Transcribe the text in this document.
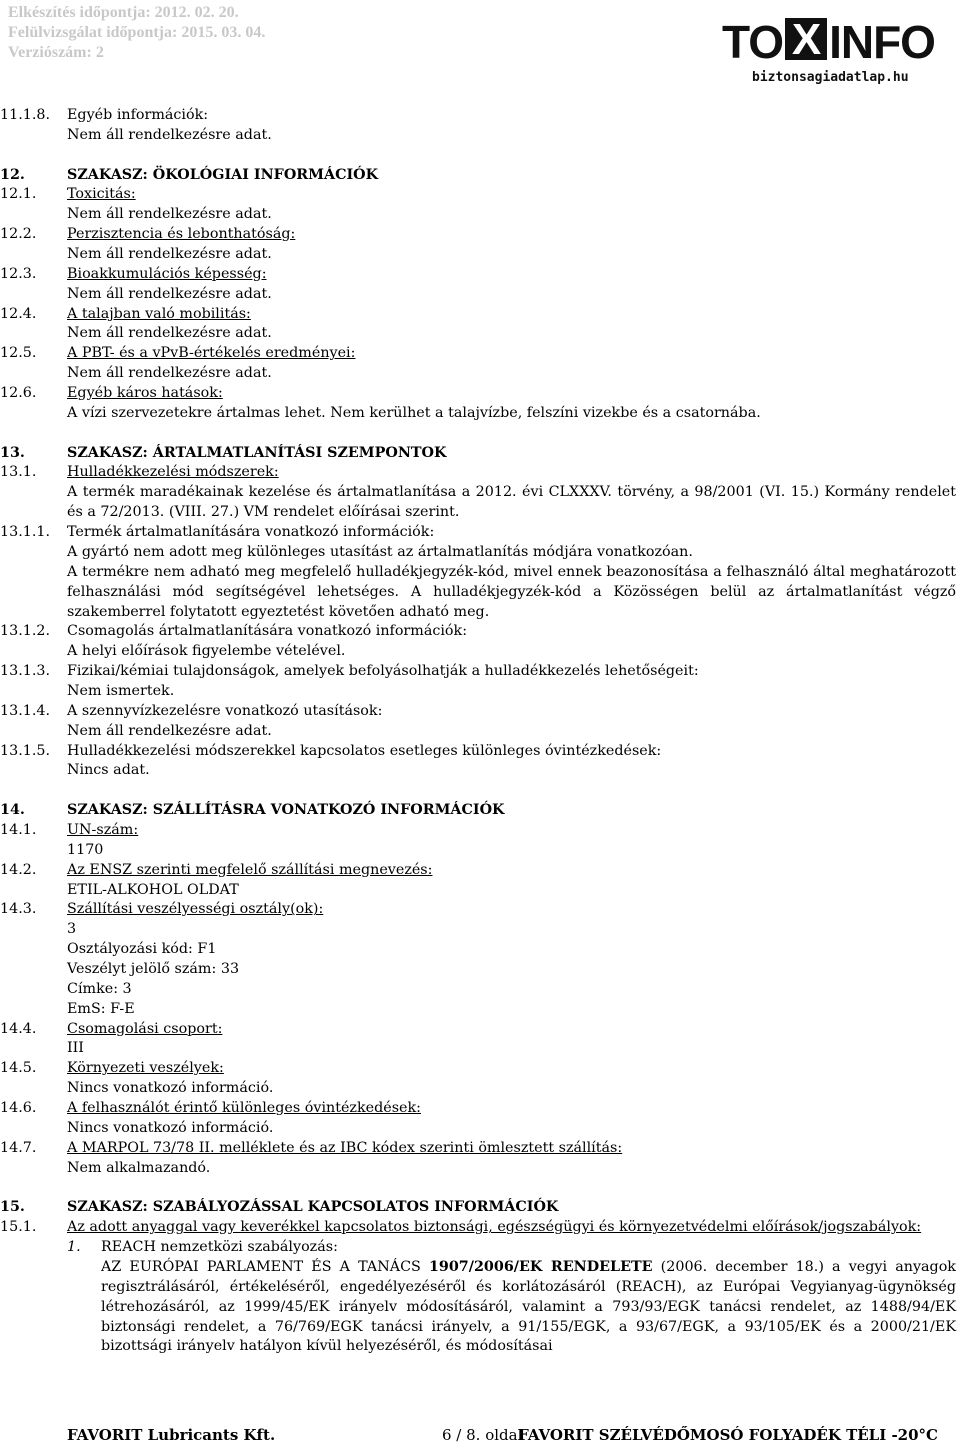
Elkészítés időpontja: 2012. 02. 20.
Felülvizsgálat időpontja: 2015. 03. 04.
Verziószám: 2	TO X INFO
biztonsagiadatlap.hu
11.1.8. Egyéb információk:
Nem áll rendelkezésre adat.
12.	SZAKASZ: ÖKOLÓGIAI INFORMÁCIÓK
12.1. Toxicitás:
Nem áll rendelkezésre adat.
12.2. Perzisztencia és lebonthatóság:
Nem áll rendelkezésre adat.
12.3. Bioakkumulációs képesség:
Nem áll rendelkezésre adat.
12.4. A talajban való mobilitás:
Nem áll rendelkezésre adat.
12.5. A PBT- és a vPvB-értékelés eredményei:
Nem áll rendelkezésre adat.
12.6. Egyéb káros hatások:
A vízi szervezetekre ártalmas lehet. Nem kerülhet a talajvízbe, felszíni vizekbe és a csatornába.
13.	SZAKASZ: ÁRTALMATLANÍTÁSI SZEMPONTOK
13.1. Hulladékkezelési módszerek:
A termék maradékainak kezelése és ártalmatlanítása a 2012. évi CLXXXV. törvény, a 98/2001 (VI. 15.) Kormány rendelet és a 72/2013. (VIII. 27.) VM rendelet előírásai szerint.
13.1.1. Termék ártalmatlanítására vonatkozó információk:
A gyártó nem adott meg különleges utasítást az ártalmatlanítás módjára vonatkozóan.
A termékre nem adható meg megfelelő hulladékjegyzék-kód, mivel ennek beazonosítása a felhasználó által meghatározott felhasználási mód segítségével lehetséges. A hulladékjegyzék-kód a Közösségen belül az ártalmatlanítást végző szakemberrel folytatott egyeztetést követően adható meg.
13.1.2. Csomagolás ártalmatlanítására vonatkozó információk:
A helyi előírások figyelembe vételével.
13.1.3. Fizikai/kémiai tulajdonságok, amelyek befolyásolhatják a hulladékkezelés lehetőségeit:
Nem ismertek.
13.1.4. A szennyvízkezelésre vonatkozó utasítások:
Nem áll rendelkezésre adat.
13.1.5. Hulladékkezelési módszerekkel kapcsolatos esetleges különleges óvintézkedések:
Nincs adat.
14.	SZAKASZ: SZÁLLÍTÁSRA VONATKOZÓ INFORMÁCIÓK
14.1. UN-szám:
1170
14.2. Az ENSZ szerinti megfelelő szállítási megnevezés:
ETIL-ALKOHOL OLDAT
14.3. Szállítási veszélyességi osztály(ok):
3
Osztályozási kód: F1
Veszélyt jelölő szám: 33
Címke: 3
EmS: F-E
14.4. Csomagolási csoport:
III
14.5. Környezeti veszélyek:
Nincs vonatkozó információ.
14.6. A felhasználót érintő különleges óvintézkedések:
Nincs vonatkozó információ.
14.7. A MARPOL 73/78 II. melléklete és az IBC kódex szerinti ömlesztett szállítás:
Nem alkalmazandó.
15.	SZAKASZ: SZABÁLYOZÁSSAL KAPCSOLATOS INFORMÁCIÓK
15.1. Az adott anyaggal vagy keverékkel kapcsolatos biztonsági, egészségügyi és környezetvédelmi előírások/jogszabályok:
1. REACH nemzetközi szabályozás:
AZ EURÓPAI PARLAMENT ÉS A TANÁCS 1907/2006/EK RENDELETE (2006. december 18.) a vegyi anyagok regisztrálásáról, értékeléséről, engedélyezéséről és korlátozásáról (REACH), az Európai Vegyianyag-ügynökség létrehozásáról, az 1999/45/EK irányelv módosításáról, valamint a 793/93/EGK tanácsi rendelet, az 1488/94/EK biztonsági rendelet, a 76/769/EGK tanácsi irányelv, a 91/155/EGK, a 93/67/EGK, a 93/105/EK és a 2000/21/EK bizottsági irányelv hatályon kívül helyezéséről, és módosításai
FAVORIT Lubricants Kft.	6 / 8. oldal
FAVORIT SZÉLVÉDŐMOSÓ FOLYADÉK TÉLI -20°C
